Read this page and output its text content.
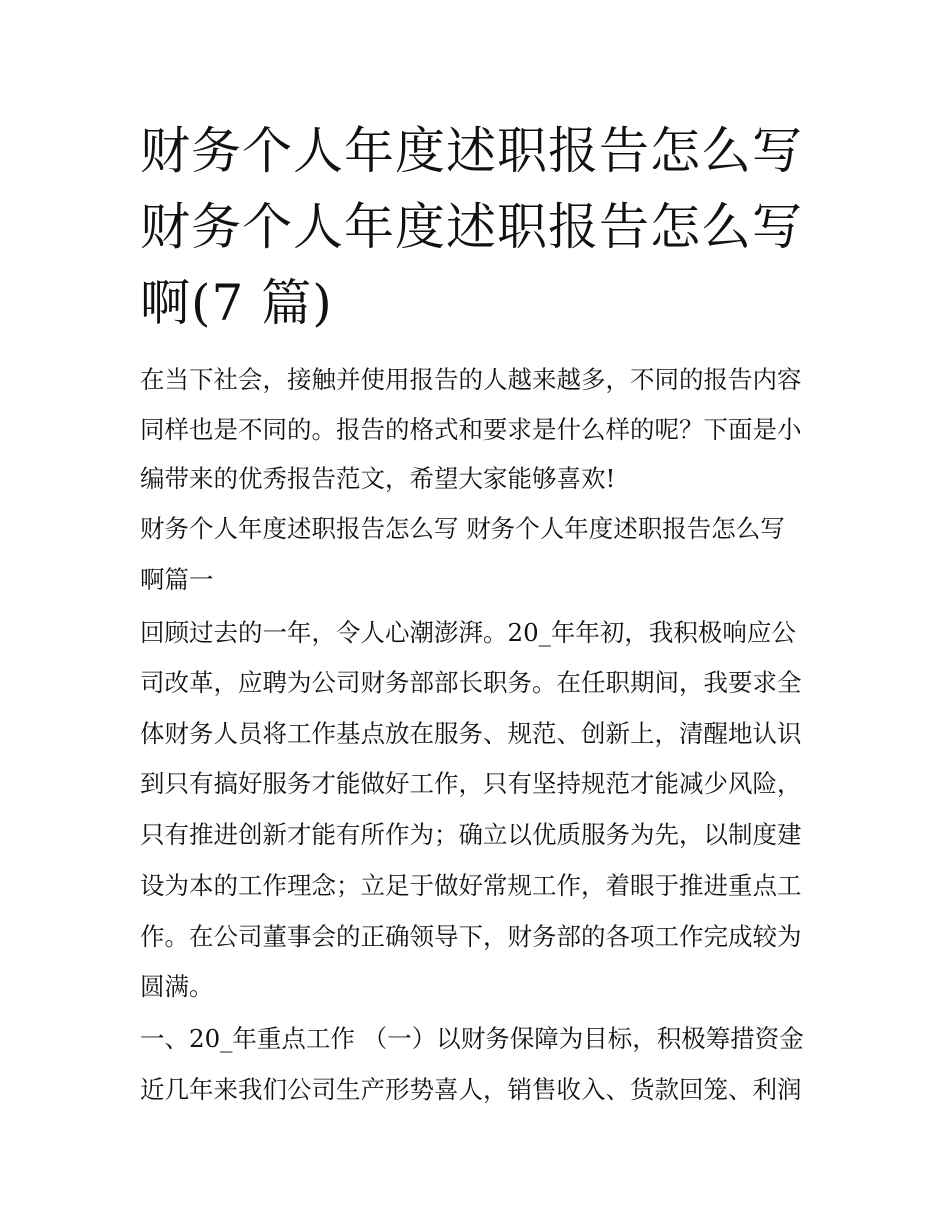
财务个人年度述职报告怎么写
财务个人年度述职报告怎么写
啊(7 篇)

在当下社会，接触并使用报告的人越来越多，不同的报告内容

同样也是不同的。报告的格式和要求是什么样的呢？下面是小

编带来的优秀报告范文，希望大家能够喜欢!

财务个人年度述职报告怎么写 财务个人年度述职报告怎么写

啊篇一

回顾过去的一年，令人心潮澎湃。20_年年初，我积极响应公

司改革，应聘为公司财务部部长职务。在任职期间，我要求全

体财务人员将工作基点放在服务、规范、创新上，清醒地认识

到只有搞好服务才能做好工作，只有坚持规范才能减少风险，

只有推进创新才能有所作为；确立以优质服务为先，以制度建

设为本的工作理念；立足于做好常规工作，着眼于推进重点工

作。在公司董事会的正确领导下，财务部的各项工作完成较为

圆满。

一、20_年重点工作 （一）以财务保障为目标，积极筹措资金

近几年来我们公司生产形势喜人，销售收入、货款回笼、利润
